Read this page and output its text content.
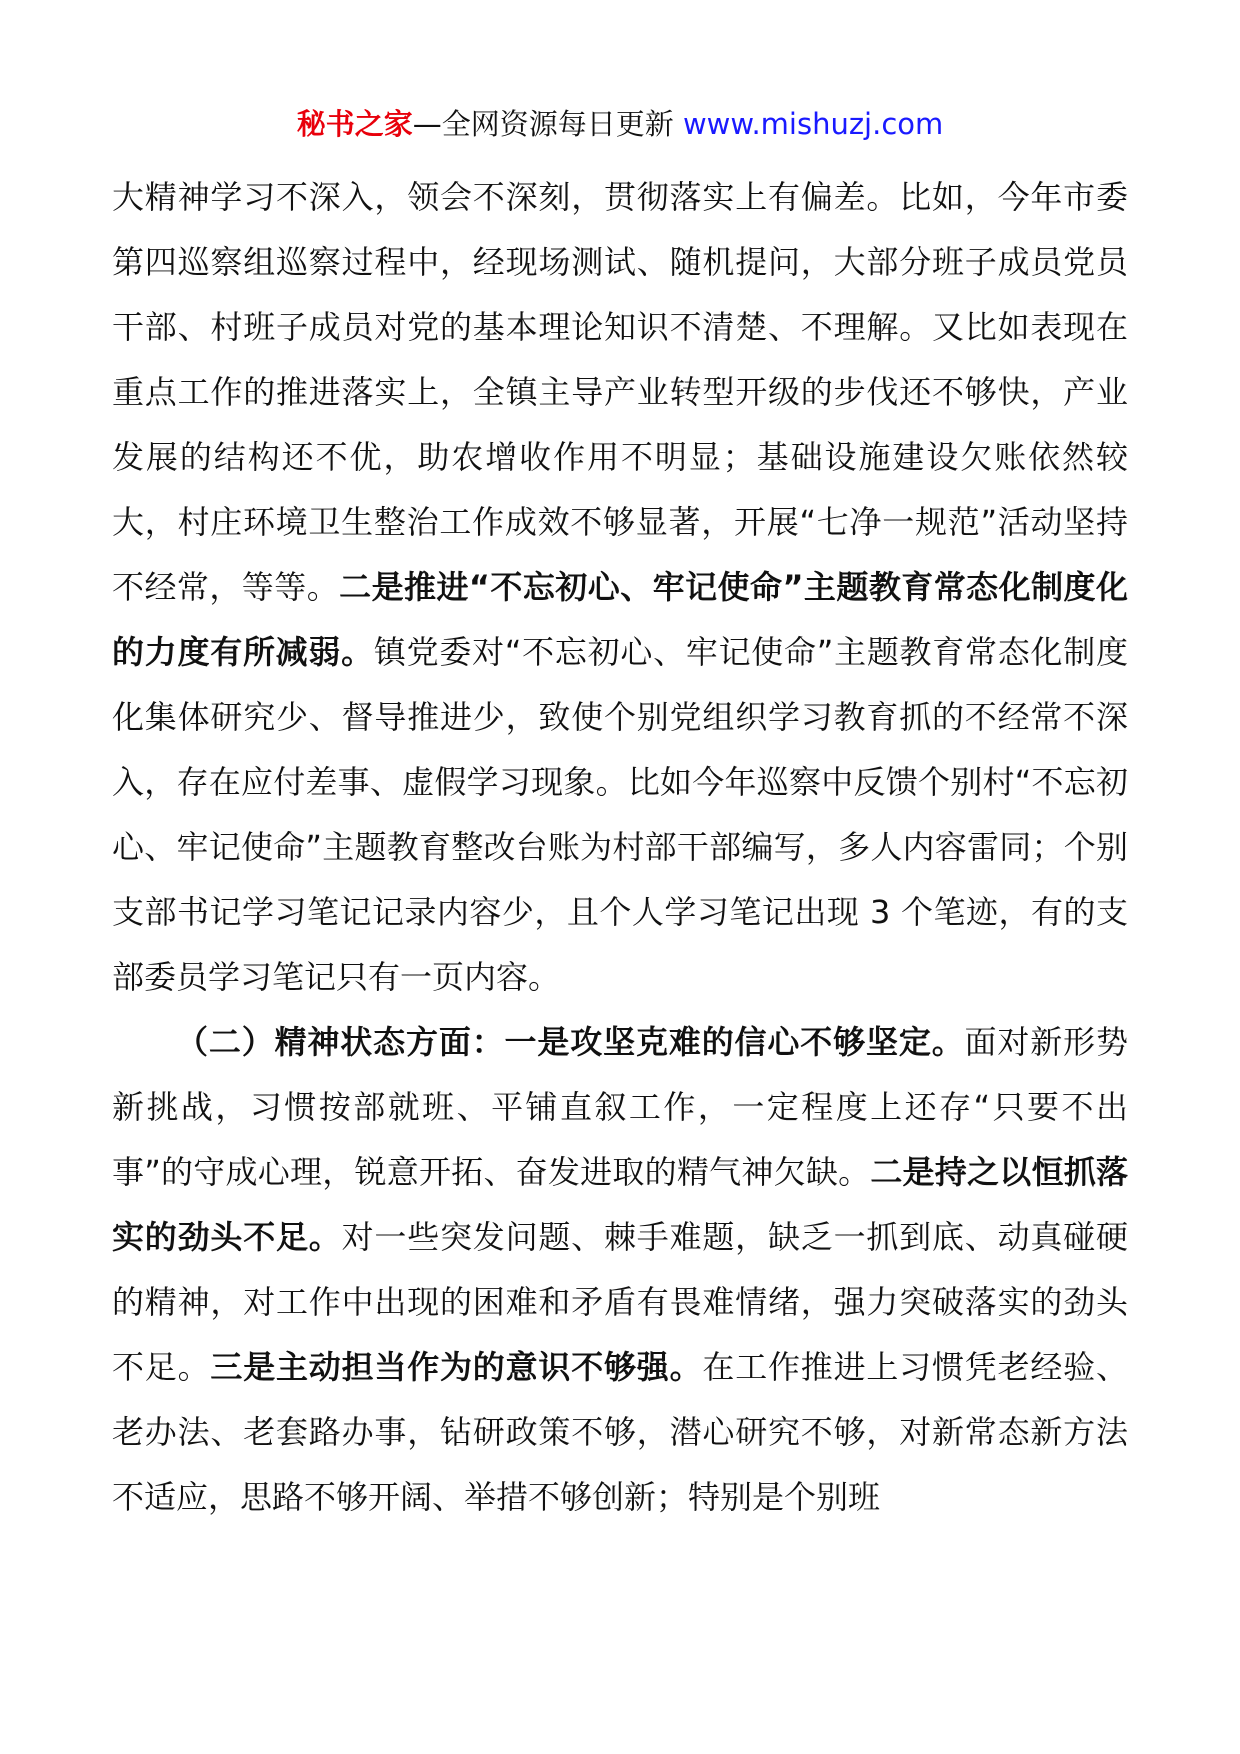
秘书之家—全网资源每日更新 www.mishuzj.com

大精神学习不深入，领会不深刻，贯彻落实上有偏差。比如，今年市委第四巡察组巡察过程中，经现场测试、随机提问，大部分班子成员党员干部、村班子成员对党的基本理论知识不清楚、不理解。又比如表现在重点工作的推进落实上，全镇主导产业转型开级的步伐还不够快，产业发展的结构还不优，助农增收作用不明显；基础设施建设欠账依然较大，村庄环境卫生整治工作成效不够显著，开展“七净一规范”活动坚持不经常，等等。二是推进“不忘初心、牢记使命”主题教育常态化制度化的力度有所减弱。镇党委对“不忘初心、牢记使命”主题教育常态化制度化集体研究少、督导推进少，致使个别党组织学习教育抓的不经常不深入，存在应付差事、虚假学习现象。比如今年巡察中反馈个别村“不忘初心、牢记使命”主题教育整改台账为村部干部编写，多人内容雷同；个别支部书记学习笔记记录内容少，且个人学习笔记出现 3 个笔迹，有的支部委员学习笔记只有一页内容。

（二）精神状态方面：一是攻坚克难的信心不够坚定。面对新形势新挑战，习惯按部就班、平铺直叙工作，一定程度上还存“只要不出事”的守成心理，锐意开拓、奋发进取的精气神欠缺。二是持之以恒抓落实的劲头不足。对一些突发问题、棘手难题，缺乏一抓到底、动真碰硬的精神，对工作中出现的困难和矛盾有畏难情绪，强力突破落实的劲头不足。三是主动担当作为的意识不够强。在工作推进上习惯凭老经验、老办法、老套路办事，钻研政策不够，潜心研究不够，对新常态新方法不适应，思路不够开阔、举措不够创新；特别是个别班
